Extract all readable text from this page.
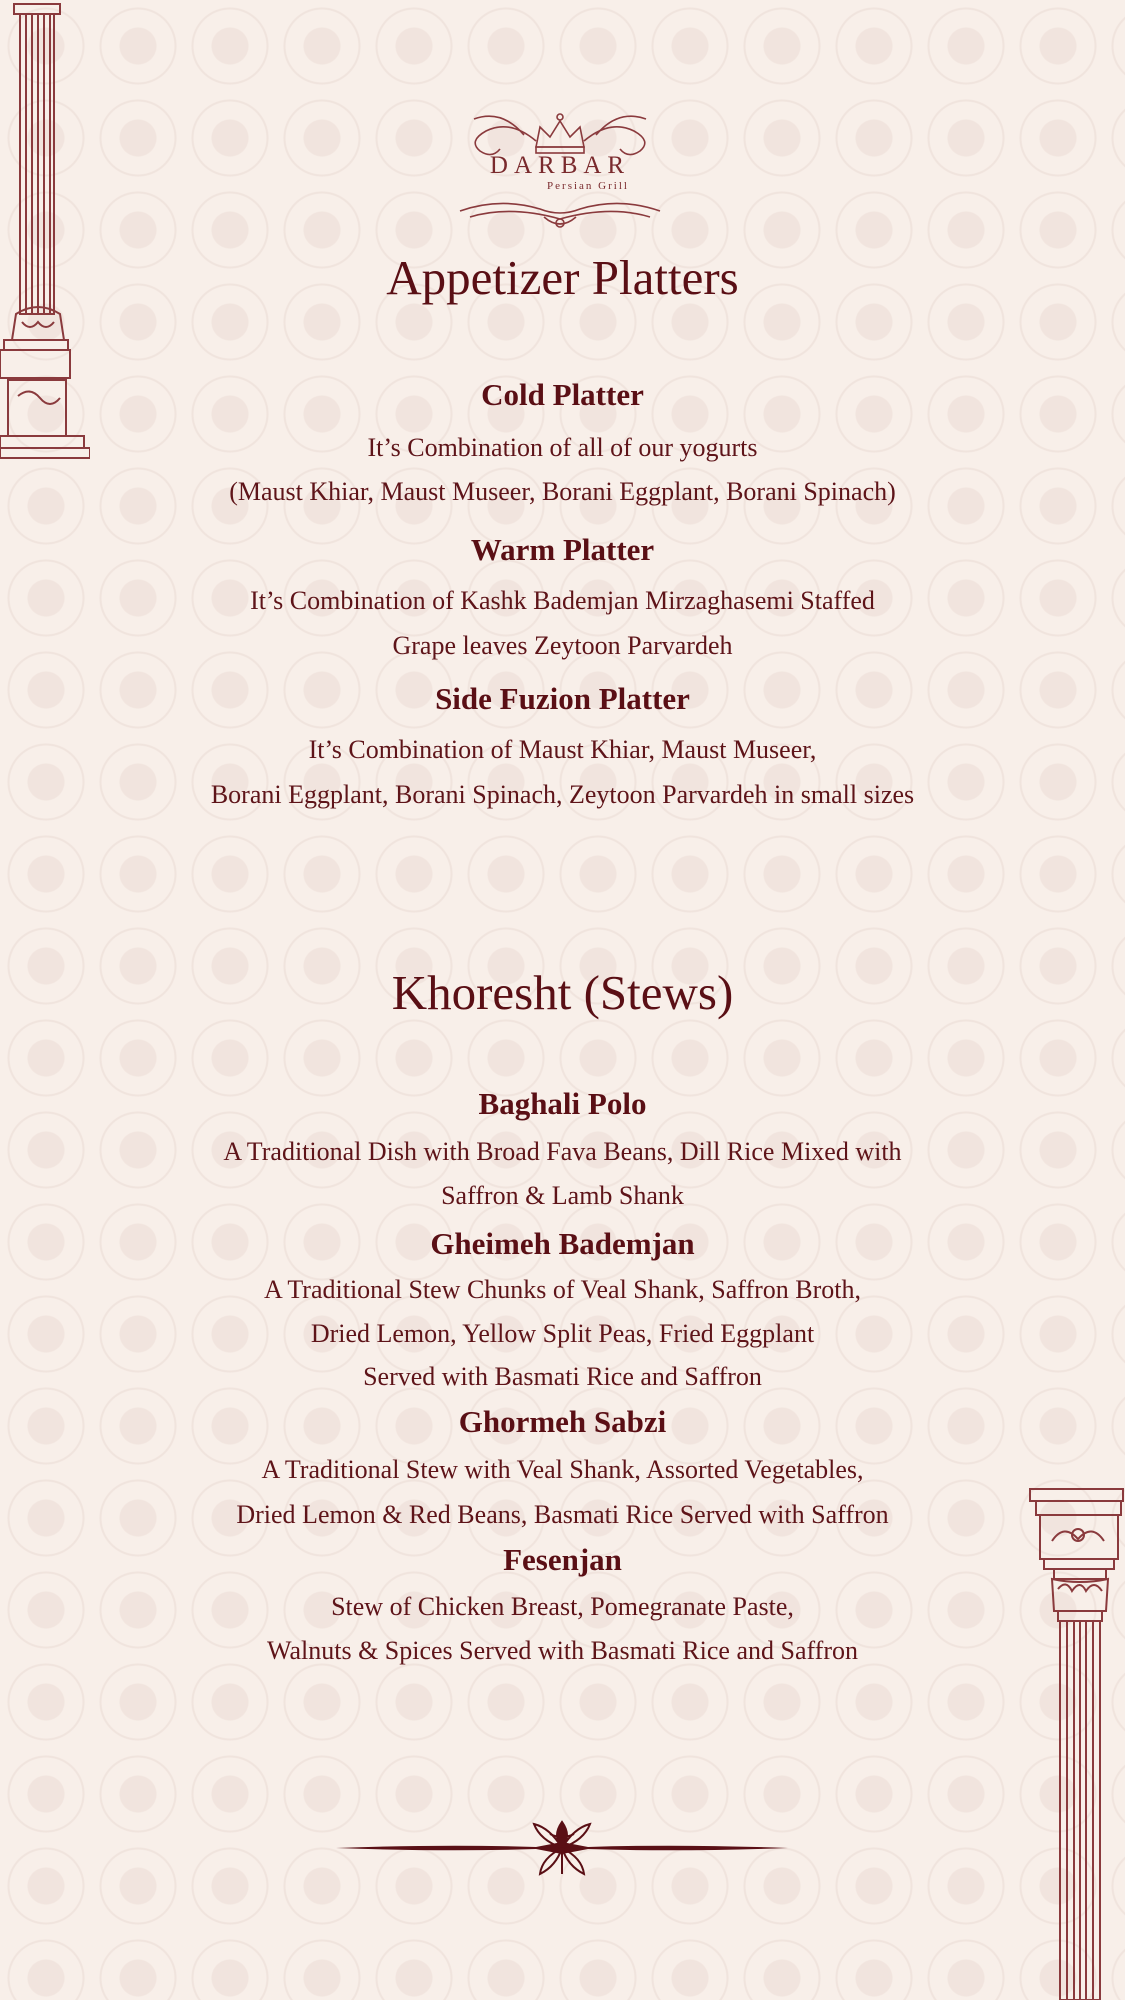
DARBAR
Persian Grill
Appetizer Platters
Cold Platter

It’s Combination of all of our yogurts

(Maust Khiar, Maust Museer, Borani Eggplant, Borani Spinach)

Warm Platter

It’s Combination of Kashk Bademjan Mirzaghasemi Staffed

Grape leaves Zeytoon Parvardeh

Side Fuzion Platter

It’s Combination of Maust Khiar, Maust Museer,

Borani Eggplant, Borani Spinach, Zeytoon Parvardeh in small sizes

Khoresht (Stews)
Baghali Polo

A Traditional Dish with Broad Fava Beans, Dill Rice Mixed with

Saffron & Lamb Shank

Gheimeh Bademjan

A Traditional Stew Chunks of Veal Shank, Saffron Broth,

Dried Lemon, Yellow Split Peas, Fried Eggplant

Served with Basmati Rice and Saffron

Ghormeh Sabzi

A Traditional Stew with Veal Shank, Assorted Vegetables,

Dried Lemon & Red Beans, Basmati Rice Served with Saffron

Fesenjan

Stew of Chicken Breast, Pomegranate Paste,

Walnuts & Spices Served with Basmati Rice and Saffron
